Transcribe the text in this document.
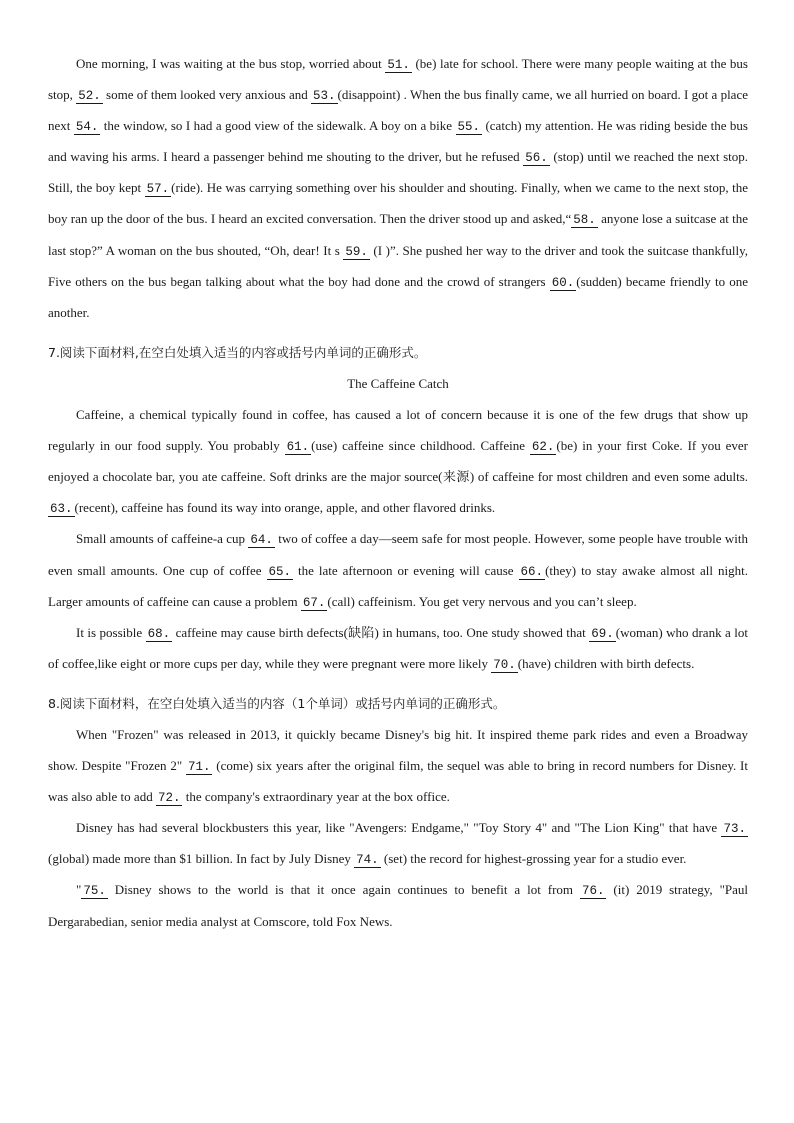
One morning, I was waiting at the bus stop, worried about 51. (be) late for school. There were many people waiting at the bus stop, 52. some of them looked very anxious and 53. (disappoint) . When the bus finally came, we all hurried on board. I got a place next 54. the window, so I had a good view of the sidewalk. A boy on a bike 55. (catch) my attention. He was riding beside the bus and waving his arms. I heard a passenger behind me shouting to the driver, but he refused 56. (stop) until we reached the next stop. Still, the boy kept 57. (ride). He was carrying something over his shoulder and shouting. Finally, when we came to the next stop, the boy ran up the door of the bus. I heard an excited conversation. Then the driver stood up and asked,“ 58. anyone lose a suitcase at the last stop?” A woman on the bus shouted, “Oh, dear! It s 59. (I )”. She pushed her way to the driver and took the suitcase thankfully, Five others on the bus began talking about what the boy had done and the crowd of strangers 60. (sudden) became friendly to one another.

7.阅读下面材料,在空白处填入适当的内容或括号内单词的正确形式。

The Caffeine Catch

Caffeine, a chemical typically found in coffee, has caused a lot of concern because it is one of the few drugs that show up regularly in our food supply. You probably 61. (use) caffeine since childhood. Caffeine 62. (be) in your first Coke. If you ever enjoyed a chocolate bar, you ate caffeine. Soft drinks are the major source(来源) of caffeine for most children and even some adults. 63. (recent), caffeine has found its way into orange, apple, and other flavored drinks.

Small amounts of caffeine-a cup 64. two of coffee a day—seem safe for most people. However, some people have trouble with even small amounts. One cup of coffee 65. the late afternoon or evening will cause 66. (they) to stay awake almost all night. Larger amounts of caffeine can cause a problem 67. (call) caffeinism. You get very nervous and you can’t sleep.

It is possible 68. caffeine may cause birth defects(缺陷) in humans, too. One study showed that 69. (woman) who drank a lot of coffee,like eight or more cups per day, while they were pregnant were more likely 70. (have) children with birth defects.

8.阅读下面材料，在空白处填入适当的内容（1个单词）或括号内单词的正确形式。

When "Frozen" was released in 2013, it quickly became Disney's big hit. It inspired theme park rides and even a Broadway show. Despite "Frozen 2" 71. (come) six years after the original film, the sequel was able to bring in record numbers for Disney. It was also able to add 72. the company's extraordinary year at the box office.

Disney has had several blockbusters this year, like "Avengers: Endgame," "Toy Story 4" and "The Lion King" that have 73. (global) made more than $1 billion. In fact by July Disney 74. (set) the record for highest-grossing year for a studio ever.

" 75. Disney shows to the world is that it once again continues to benefit a lot from 76. (it) 2019 strategy, "Paul Dergarabedian, senior media analyst at Comscore, told Fox News.
